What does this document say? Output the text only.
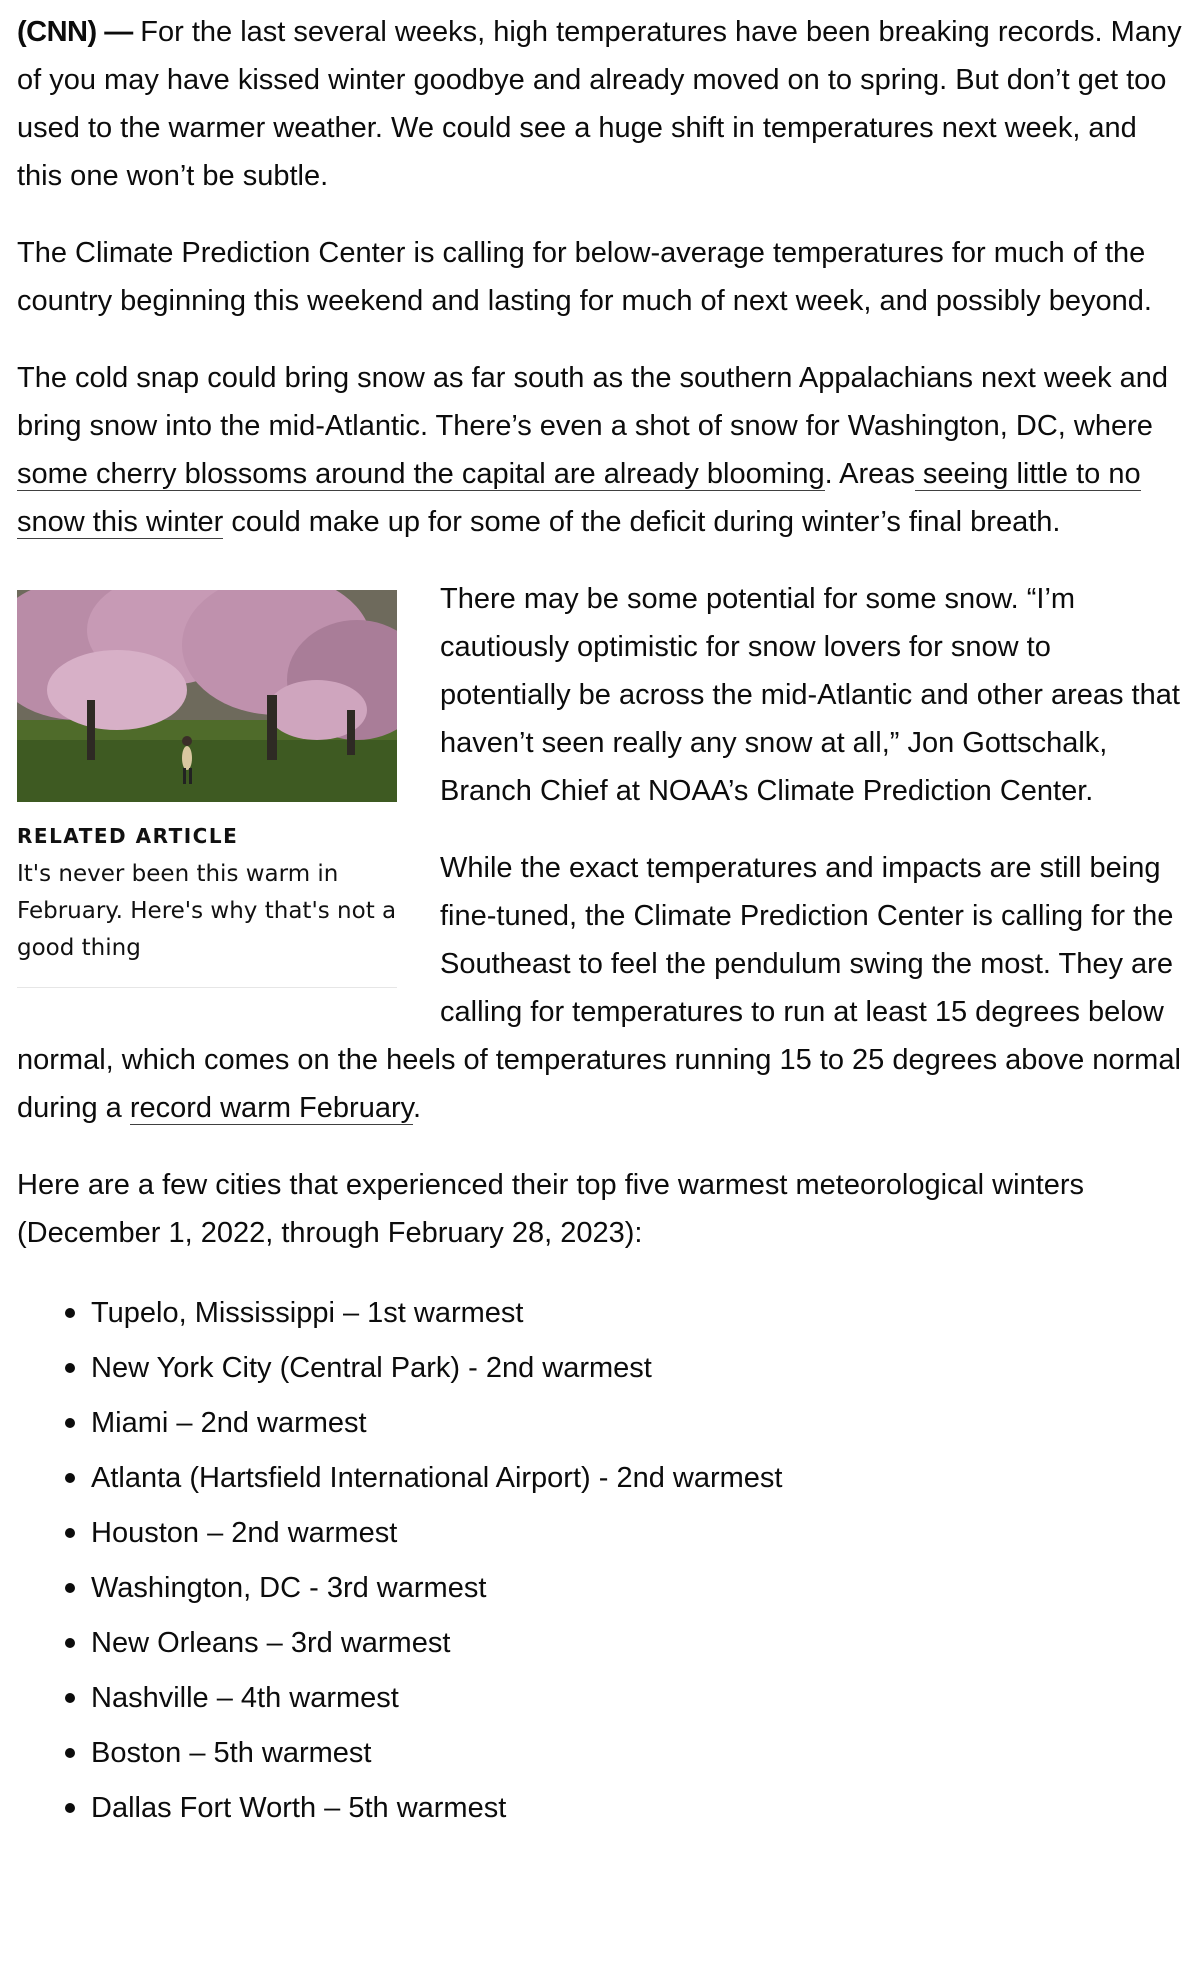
(CNN) — For the last several weeks, high temperatures have been breaking records. Many of you may have kissed winter goodbye and already moved on to spring. But don’t get too used to the warmer weather. We could see a huge shift in temperatures next week, and this one won’t be subtle.

The Climate Prediction Center is calling for below-average temperatures for much of the country beginning this weekend and lasting for much of next week, and possibly beyond.

The cold snap could bring snow as far south as the southern Appalachians next week and bring snow into the mid-Atlantic. There’s even a shot of snow for Washington, DC, where some cherry blossoms around the capital are already blooming. Areas seeing little to no snow this winter could make up for some of the deficit during winter’s final breath.

RELATED ARTICLE

It's never been this warm in February. Here's why that's not a good thing

There may be some potential for some snow. “I’m cautiously optimistic for snow lovers for snow to potentially be across the mid-Atlantic and other areas that haven’t seen really any snow at all,” Jon Gottschalk, Branch Chief at NOAA’s Climate Prediction Center.

While the exact temperatures and impacts are still being fine-tuned, the Climate Prediction Center is calling for the Southeast to feel the pendulum swing the most. They are calling for temperatures to run at least 15 degrees below normal, which comes on the heels of temperatures running 15 to 25 degrees above normal during a record warm February.

Here are a few cities that experienced their top five warmest meteorological winters (December 1, 2022, through February 28, 2023):

Tupelo, Mississippi – 1st warmest
New York City (Central Park) - 2nd warmest
Miami – 2nd warmest
Atlanta (Hartsfield International Airport) - 2nd warmest
Houston – 2nd warmest
Washington, DC - 3rd warmest
New Orleans – 3rd warmest
Nashville – 4th warmest
Boston – 5th warmest
Dallas Fort Worth – 5th warmest
